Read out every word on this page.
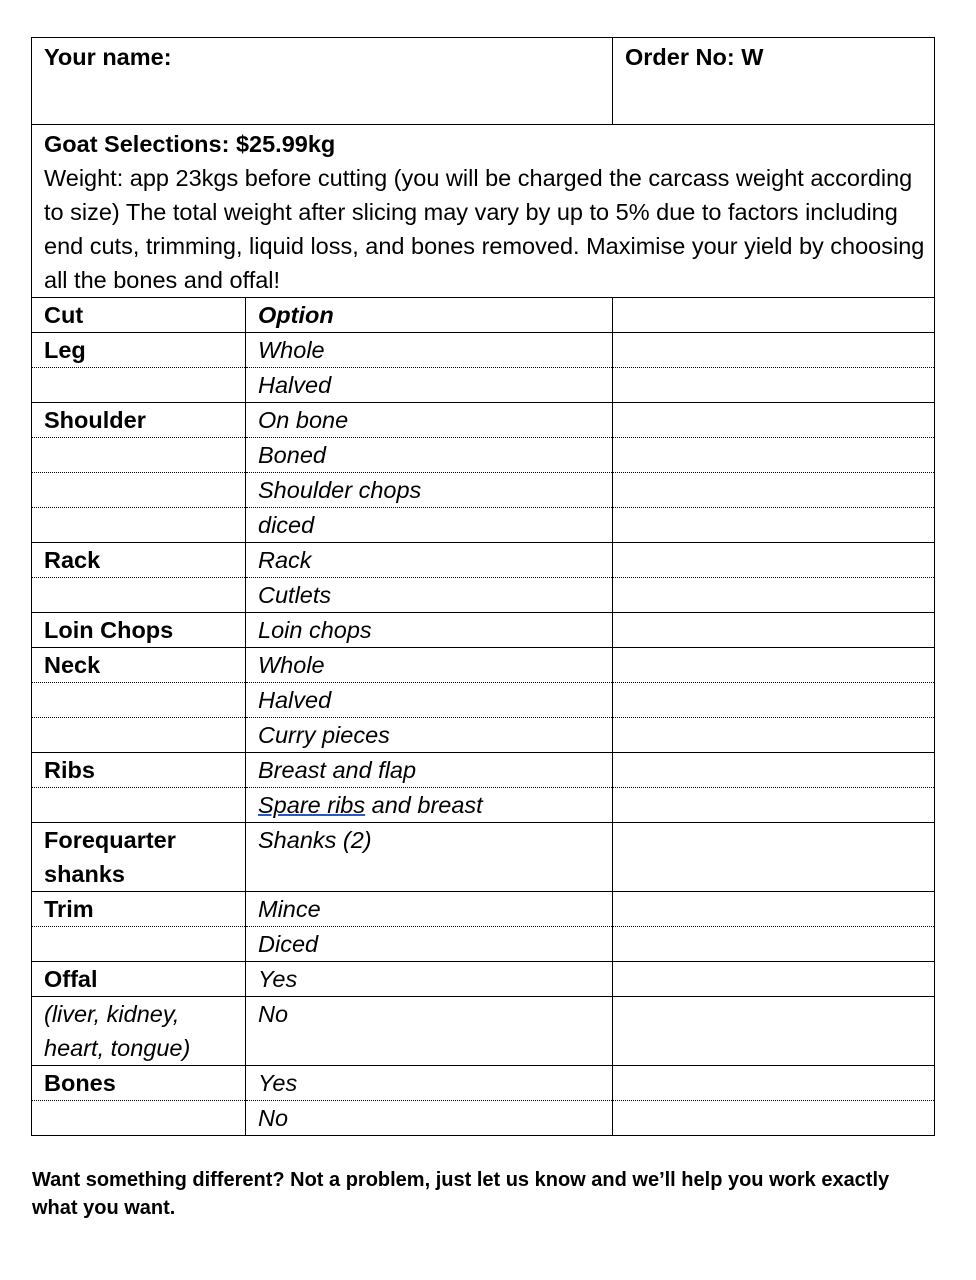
Your name:		Order No: W

Goat Selections: $25.99kg
Weight: app 23kgs before cutting (you will be charged the carcass weight according to size) The total weight after slicing may vary by up to 5% due to factors including end cuts, trimming, liquid loss, and bones removed. Maximise your yield by choosing all the bones and offal!		
Cut	Option	
Leg	Whole	
	Halved	
Shoulder	On bone	
	Boned	
	Shoulder chops	
	diced	
Rack	Rack	
	Cutlets	
Loin Chops	Loin chops	
Neck	Whole	
	Halved	
	Curry pieces	
Ribs	Breast and flap	
	Spare ribs and breast	
Forequarter shanks	Shanks (2)	
Trim	Mince	
	Diced	
Offal	Yes	
(liver, kidney, heart, tongue)	No	
Bones	Yes	
	No	
Want something different? Not a problem, just let us know and we’ll help you work exactly what you want.
